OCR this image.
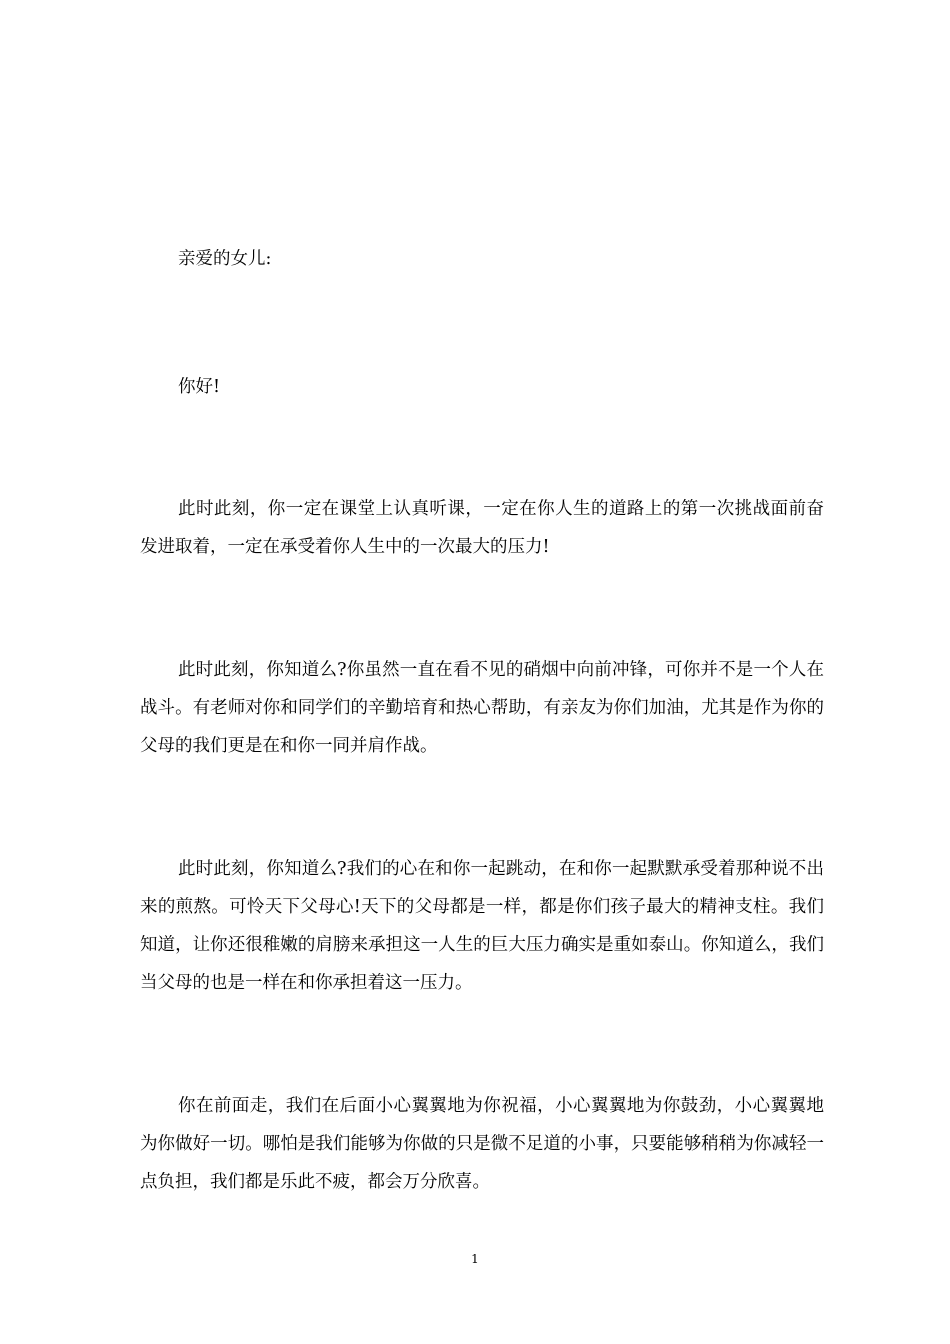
亲爱的女儿:

你好!

此时此刻，你一定在课堂上认真听课，一定在你人生的道路上的第一次挑战面前奋发进取着，一定在承受着你人生中的一次最大的压力!

此时此刻，你知道么?你虽然一直在看不见的硝烟中向前冲锋，可你并不是一个人在战斗。有老师对你和同学们的辛勤培育和热心帮助，有亲友为你们加油，尤其是作为你的父母的我们更是在和你一同并肩作战。

此时此刻，你知道么?我们的心在和你一起跳动，在和你一起默默承受着那种说不出来的煎熬。可怜天下父母心!天下的父母都是一样，都是你们孩子最大的精神支柱。我们知道，让你还很稚嫩的肩膀来承担这一人生的巨大压力确实是重如泰山。你知道么，我们当父母的也是一样在和你承担着这一压力。

你在前面走，我们在后面小心翼翼地为你祝福，小心翼翼地为你鼓劲，小心翼翼地为你做好一切。哪怕是我们能够为你做的只是微不足道的小事，只要能够稍稍为你减轻一点负担，我们都是乐此不疲，都会万分欣喜。

1
